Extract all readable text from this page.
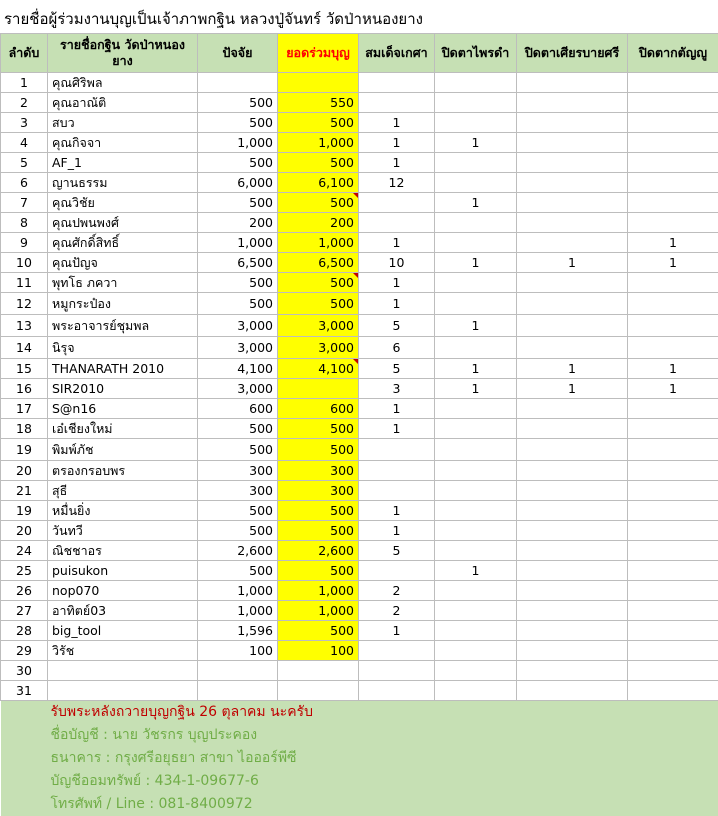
รายชื่อผู้ร่วมงานบุญเป็นเจ้าภาพกฐิน หลวงปู่จันทร์ วัดป่าหนองยาง
ลำดับ	รายชื่อกฐิน วัดป่าหนองยาง	ปัจจัย	ยอดร่วมบุญ	สมเด็จเกศา	ปิดตาไพรดำ	ปิดตาเศียรบายศรี	ปิดตากตัญญู
1	คุณศิริพล						
2	คุณอาณัติ	500	550				
3	สบว	500	500	1			
4	คุณกิจจา	1,000	1,000	1	1		
5	AF_1	500	500	1			
6	ญานธรรม	6,000	6,100	12			
7	คุณวิชัย	500	500		1		
8	คุณปพนพงศ์	200	200				
9	คุณศักดิ์สิทธิ์	1,000	1,000	1			1
10	คุณปัญจ	6,500	6,500	10	1	1	1
11	พุทโธ ภควา	500	500	1			
12	หมูกระป๋อง	500	500	1			
13	พระอาจารย์ชุมพล	3,000	3,000	5	1		
14	นิรุจ	3,000	3,000	6			
15	THANARATH 2010	4,100	4,100	5	1	1	1
16	SIR2010	3,000		3	1	1	1
17	S@n16	600	600	1			
18	เอ๋เชียงใหม่	500	500	1			
19	พิมพ์ภัช	500	500				
20	ตรองกรอบพร	300	300				
21	สุธี	300	300				
19	หมื่นยิ่ง	500	500	1			
20	วันทวี	500	500	1			
24	ณิชชาอร	2,600	2,600	5			
25	puisukon	500	500		1		
26	nop070	1,000	1,000	2			
27	อาทิตย์03	1,000	1,000	2			
28	big_tool	1,596	500	1			
29	วิรัช	100	100				
30							
31							
รับพระหลังถวายบุญกฐิน 26 ตุลาคม นะครับ							
ชื่อบัญชี : นาย วัชรกร บุญประคอง							
ธนาคาร : กรุงศรีอยุธยา สาขา ไอออร์พีซี							
บัญชีออมทรัพย์ : 434-1-09677-6							
โทรศัพท์ / Line : 081-8400972							
